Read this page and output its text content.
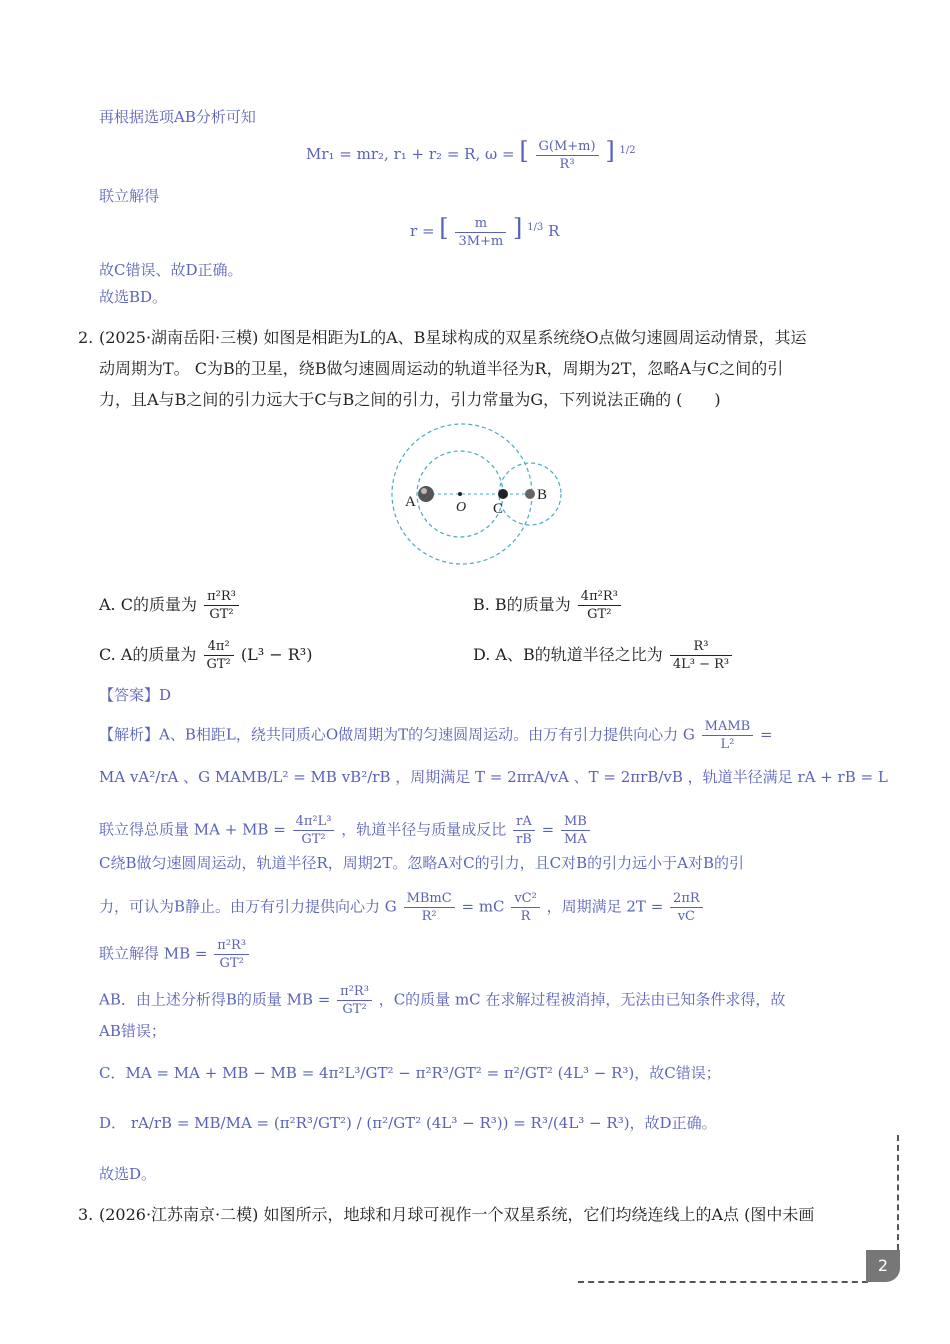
再根据选项AB分析可知
Mr₁ = mr₂, r₁ + r₂ = R, ω = [ $\frac{G(M+m)}{\text{R³}}$ ] $^{1/2}$
联立解得
r = [ $\frac{m}{3M+m}$ ] $^{1/3}$ R
故C错误、故D正确。
故选BD。
2. (2025·湖南岳阳·三模) 如图是相距为L的A、B星球构成的双星系统绕O点做匀速圆周运动情景，其运
动周期为T。 C为B的卫星，绕B做匀速圆周运动的轨道半径为R，周期为2T，忽略A与C之间的引
力，且A与B之间的引力远大于C与B之间的引力，引力常量为G，下列说法正确的 (　　)
A	O C
B
A. C的质量为 $\frac{\text{π²R³}}{\text{GT²}}$	B. B的质量为 $\frac{\text{4π²R³}}{\text{GT²}}$
C. A的质量为 $\frac{\text{4π²}}{\text{GT²}} (L^3 - R^3)$	D. A、B的轨道半径之比为 $\frac{\text{R³}}{\text{4L³ − R³}}$
【答案】D
【解析】A、B相距L，绕共同质心O做周期为T的匀速圆周运动。由万有引力提供向心力 G $\frac{\text{MAMB}}{\text{L²}}$ =
MA vA²/rA 、G MAMB/L² = MB vB²/rB ，周期满足 T = 2πrA/vA 、T = 2πrB/vB ，轨道半径满足 rA + rB = L
联立得总质量 MA + MB = $\frac{\text{4π²L³}}{\text{GT²}}$ ，轨道半径与质量成反比 $\frac{rA}{rB} = \frac{MB}{MA}$
C绕B做匀速圆周运动，轨道半径R，周期2T。忽略A对C的引力，且C对B的引力远小于A对B的引
力，可认为B静止。由万有引力提供向心力 G $\frac{\text{MBmC}}{\text{R²}}$ = mC $\frac{\text{vC²}}{R}$ ，周期满足 $2T = \frac{2\pi R}{vC}$
联立解得 MB = $\frac{\text{π²R³}}{\text{GT²}}$
AB．由上述分析得B的质量 MB = $\frac{\text{π²R³}}{\text{GT²}}$ ，C的质量 mC 在求解过程被消掉，无法由已知条件求得，故
AB错误；
C．MA = MA + MB − MB = 4π²L³/GT² − π²R³/GT² = π²/GT² (4L³ − R³)，故C错误；
D． rA/rB = MB/MA = (π²R³/GT²) / (π²/GT² (4L³ − R³)) = R³/(4L³ − R³)，故D正确。
故选D。
3. (2026·江苏南京·二模) 如图所示，地球和月球可视作一个双星系统，它们均绕连线上的A点 (图中未画
2
